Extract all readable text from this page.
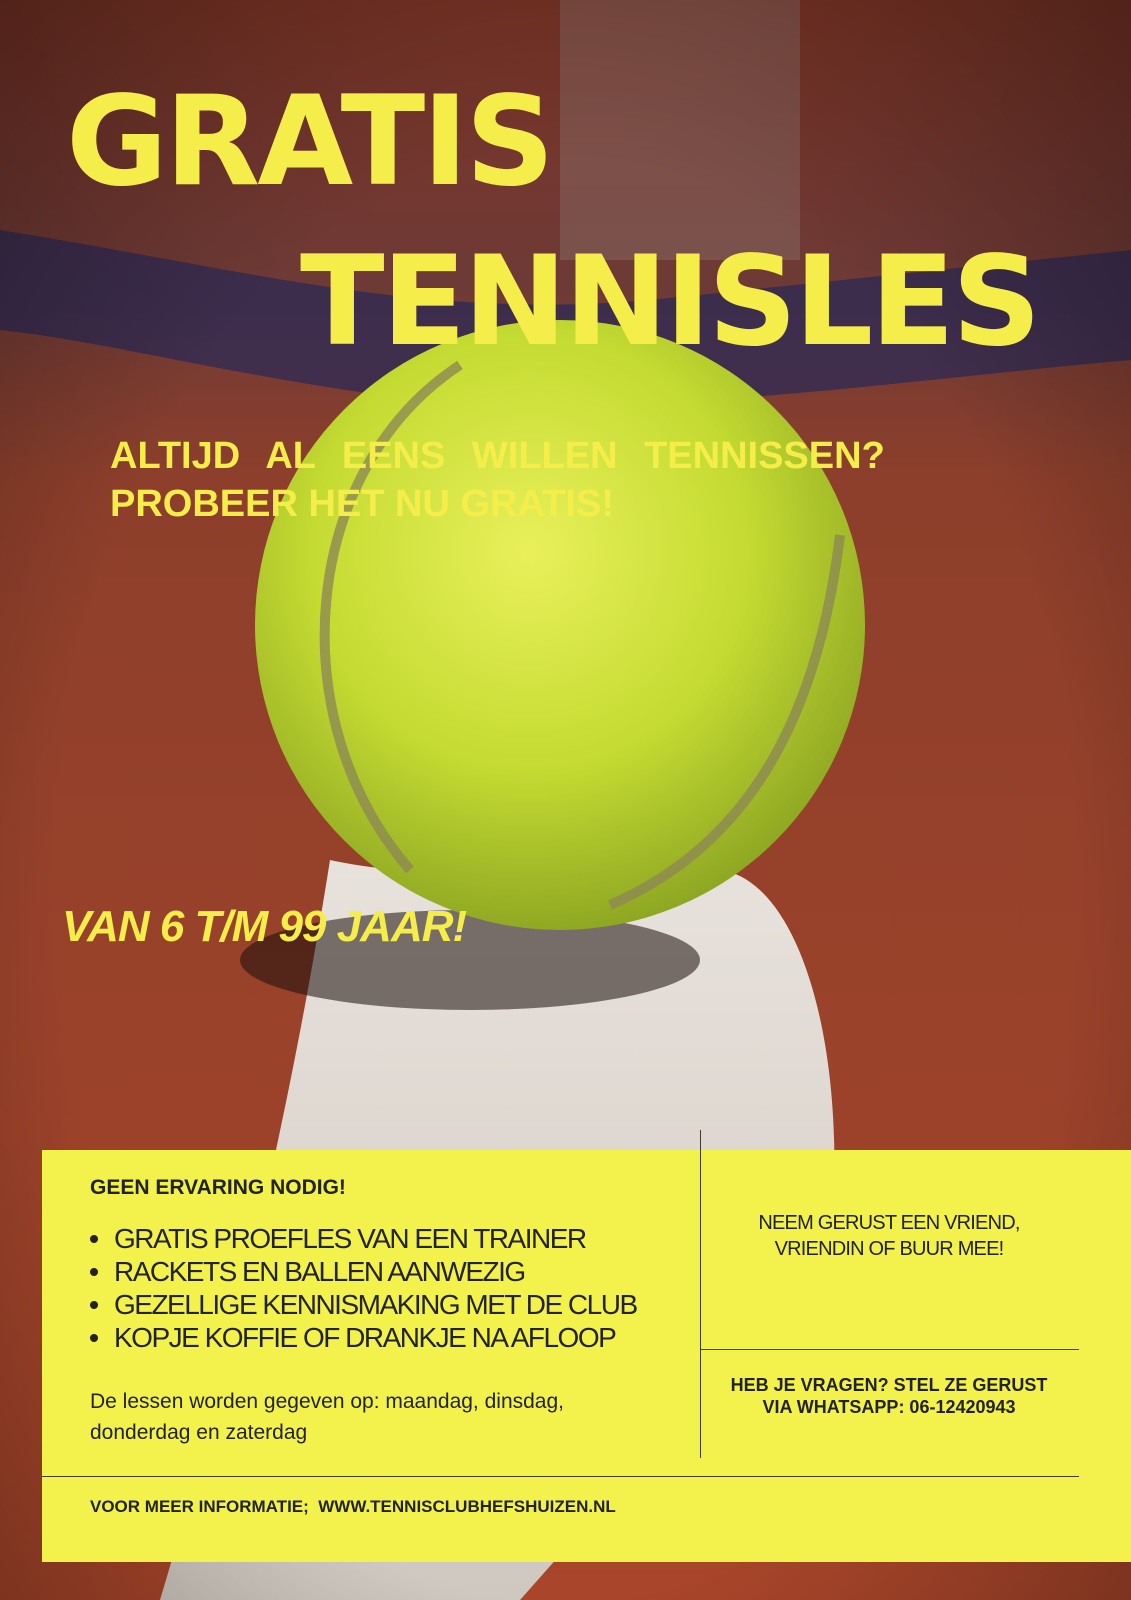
GRATIS
TENNISLES
ALTIJD AL EENS WILLEN TENNISSEN?
PROBEER HET NU GRATIS!
VAN 6 T/M 99 JAAR!
GEEN ERVARING NODIG!
GRATIS PROEFLES VAN EEN TRAINER
RACKETS EN BALLEN AANWEZIG
GEZELLIGE KENNISMAKING MET DE CLUB
KOPJE KOFFIE OF DRANKJE NA AFLOOP

De lessen worden gegeven op: maandag, dinsdag, donderdag en zaterdag

NEEM GERUST EEN VRIEND, VRIENDIN OF BUUR MEE!

HEB JE VRAGEN? STEL ZE GERUST VIA WHATSAPP: 06-12420943

VOOR MEER INFORMATIE; WWW.TENNISCLUBHEFSHUIZEN.NL
